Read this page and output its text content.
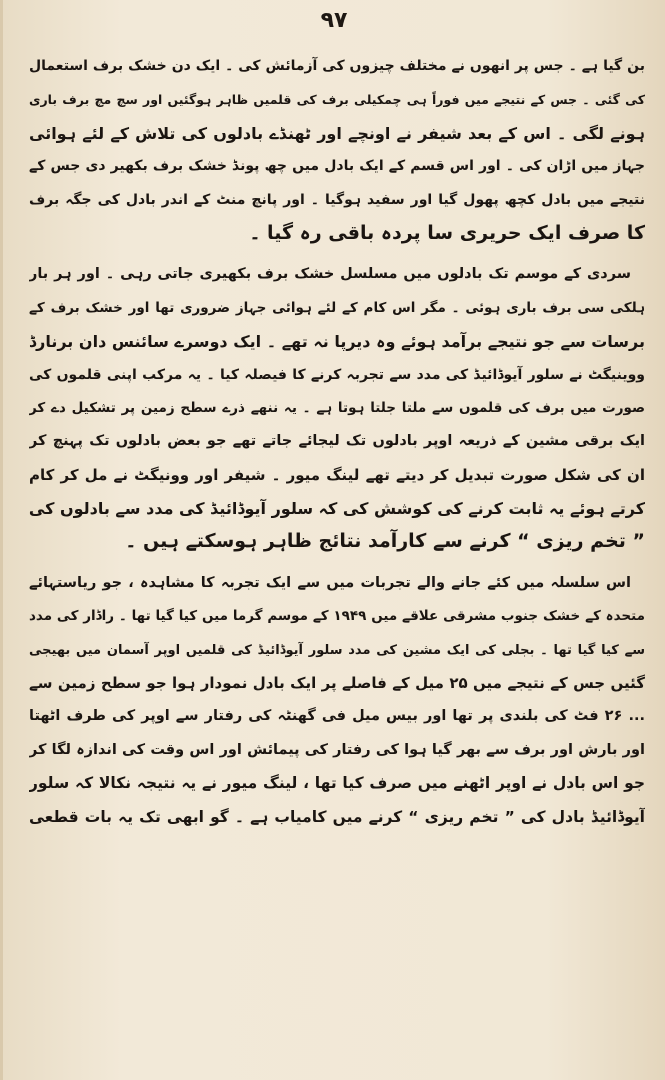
۹۷
بن گیا ہے ۔ جس پر انھوں نے مختلف چیزوں کی آزمائش کی ۔ ایک دن خشک برف استعمال
کی گئی ۔ جس کے نتیجے میں فوراً ہی چمکیلی برف کی قلمیں ظاہر ہوگئیں اور سچ مچ برف باری
ہونے لگی ۔ اس کے بعد شیفر نے اونچے اور ٹھنڈے بادلوں کی تلاش کے لئے ہوائی
جہاز میں اڑان کی ۔ اور اس قسم کے ایک بادل میں چھ پونڈ خشک برف بکھیر دی جس کے
نتیجے میں بادل کچھ پھول گیا اور سفید ہوگیا ۔ اور پانچ منٹ کے اندر بادل کی جگہ برف
کا صرف ایک حریری سا پردہ باقی رہ گیا ۔
سردی کے موسم تک بادلوں میں مسلسل خشک برف بکھیری جاتی رہی ۔ اور ہر بار
ہلکی سی برف باری ہوئی ۔ مگر اس کام کے لئے ہوائی جہاز ضروری تھا اور خشک برف کے
برسات سے جو نتیجے برآمد ہوئے وہ دیرپا نہ تھے ۔ ایک دوسرے سائنس دان برنارڈ
ووینیگٹ نے سلور آیوڈائیڈ کی مدد سے تجربہ کرنے کا فیصلہ کیا ۔ یہ مرکب اپنی قلموں کی
صورت میں برف کی قلموں سے ملتا جلتا ہوتا ہے ۔ یہ ننھے ذرے سطح زمین پر تشکیل دے کر
ایک برقی مشین کے ذریعہ اوپر بادلوں تک لیجائے جاتے تھے جو بعض بادلوں تک پہنچ کر
ان کی شکل صورت تبدیل کر دیتے تھے لینگ میور ۔ شیفر اور وونیگٹ نے مل کر کام
کرتے ہوئے یہ ثابت کرنے کی کوشش کی کہ سلور آیوڈائیڈ کی مدد سے بادلوں کی
” تخم ریزی “ کرنے سے کارآمد نتائج ظاہر ہوسکتے ہیں ۔
اس سلسلہ میں کئے جانے والے تجربات میں سے ایک تجربہ کا مشاہدہ ، جو ریاستہائے
متحدہ کے خشک جنوب مشرقی علاقے میں ۱۹۴۹ کے موسم گرما میں کیا گیا تھا ۔ راڈار کی مدد
سے کیا گیا تھا ۔ بجلی کی ایک مشین کی مدد سلور آیوڈائیڈ کی قلمیں اوپر آسمان میں بھیجی
گئیں جس کے نتیجے میں ۲۵ میل کے فاصلے پر ایک بادل نمودار ہوا جو سطح زمین سے
... ۲۶ فٹ کی بلندی پر تھا اور بیس میل فی گھنٹہ کی رفتار سے اوپر کی طرف اٹھتا
اور بارش اور برف سے بھر گیا ہوا کی رفتار کی پیمائش اور اس وقت کی اندازہ لگا کر
جو اس بادل نے اوپر اٹھنے میں صرف کیا تھا ، لینگ میور نے یہ نتیجہ نکالا کہ سلور
آیوڈائیڈ بادل کی ” تخم ریزی “ کرنے میں کامیاب ہے ۔ گو ابھی تک یہ بات قطعی
